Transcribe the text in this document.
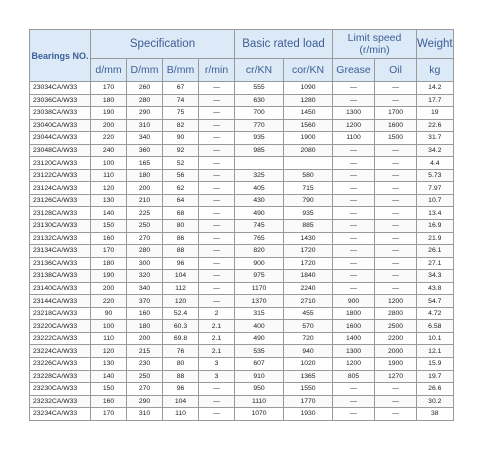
Bearings NO.	Specification				Basic rated load		Limit speed (r/min)		Weight
	d/mm	D/mm	B/mm	r/min	cr/KN	cor/KN	Grease	Oil	kg
23034CA/W33	170	260	67	—	555	1090	—	—	14.2
23036CA/W33	180	280	74	—	630	1280	—	—	17.7
23038CA/W33	190	290	75	—	700	1450	1300	1700	19
23040CA/W33	200	310	82	—	770	1560	1200	1600	22.6
23044CA/W33	220	340	90	—	935	1900	1100	1500	31.7
23048CA/W33	240	360	92	—	985	2080	—	—	34.2
23120CA/W33	100	165	52	—			—	—	4.4
23122CA/W33	110	180	56	—	325	580	—	—	5.73
23124CA/W33	120	200	62	—	405	715	—	—	7.97
23126CA/W33	130	210	64	—	430	790	—	—	10.7
23128CA/W33	140	225	68	—	490	935	—	—	13.4
23130CA/W33	150	250	80	—	745	885	—	—	16.9
23132CA/W33	160	270	86	—	765	1430	—	—	21.9
23134CA/W33	170	280	88	—	820	1720	—	—	26.1
23136CA/W33	180	300	96	—	900	1720	—	—	27.1
23138CA/W33	190	320	104	—	975	1840	—	—	34.3
23140CA/W33	200	340	112	—	1170	2240	—	—	43.8
23144CA/W33	220	370	120	—	1370	2710	900	1200	54.7
23218CA/W33	90	160	52.4	2	315	455	1800	2800	4.72
23220CA/W33	100	180	60.3	2.1	400	570	1600	2500	6.58
23222CA/W33	110	200	69.8	2.1	490	720	1400	2200	10.1
23224CA/W33	120	215	76	2.1	535	940	1300	2000	12.1
23226CA/W33	130	230	80	3	607	1020	1200	1900	15.9
23228CA/W33	140	250	88	3	910	1365	805	1270	19.7
23230CA/W33	150	270	96	—	950	1550	—	—	26.6
23232CA/W33	160	290	104	—	1110	1770	—	—	30.2
23234CA/W33	170	310	110	—	1070	1930	—	—	38
